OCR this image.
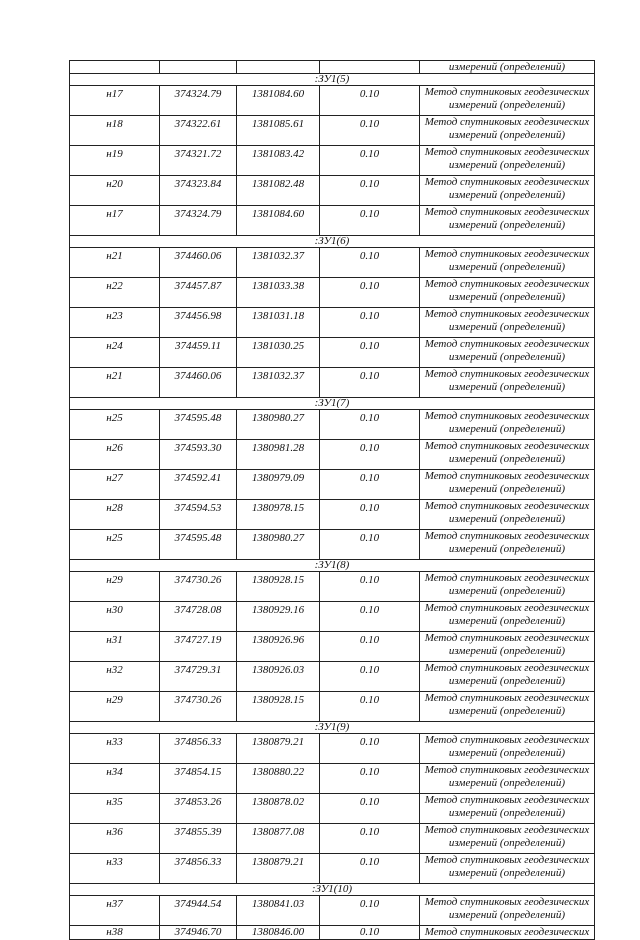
				измерений (определений)
:ЗУ1(5)				
н17	374324.79	1381084.60	0.10	Метод спутниковых геодезических измерений (определений)
н18	374322.61	1381085.61	0.10	Метод спутниковых геодезических измерений (определений)
н19	374321.72	1381083.42	0.10	Метод спутниковых геодезических измерений (определений)
н20	374323.84	1381082.48	0.10	Метод спутниковых геодезических измерений (определений)
н17	374324.79	1381084.60	0.10	Метод спутниковых геодезических измерений (определений)
:ЗУ1(6)				
н21	374460.06	1381032.37	0.10	Метод спутниковых геодезических измерений (определений)
н22	374457.87	1381033.38	0.10	Метод спутниковых геодезических измерений (определений)
н23	374456.98	1381031.18	0.10	Метод спутниковых геодезических измерений (определений)
н24	374459.11	1381030.25	0.10	Метод спутниковых геодезических измерений (определений)
н21	374460.06	1381032.37	0.10	Метод спутниковых геодезических измерений (определений)
:ЗУ1(7)				
н25	374595.48	1380980.27	0.10	Метод спутниковых геодезических измерений (определений)
н26	374593.30	1380981.28	0.10	Метод спутниковых геодезических измерений (определений)
н27	374592.41	1380979.09	0.10	Метод спутниковых геодезических измерений (определений)
н28	374594.53	1380978.15	0.10	Метод спутниковых геодезических измерений (определений)
н25	374595.48	1380980.27	0.10	Метод спутниковых геодезических измерений (определений)
:ЗУ1(8)				
н29	374730.26	1380928.15	0.10	Метод спутниковых геодезических измерений (определений)
н30	374728.08	1380929.16	0.10	Метод спутниковых геодезических измерений (определений)
н31	374727.19	1380926.96	0.10	Метод спутниковых геодезических измерений (определений)
н32	374729.31	1380926.03	0.10	Метод спутниковых геодезических измерений (определений)
н29	374730.26	1380928.15	0.10	Метод спутниковых геодезических измерений (определений)
:ЗУ1(9)				
н33	374856.33	1380879.21	0.10	Метод спутниковых геодезических измерений (определений)
н34	374854.15	1380880.22	0.10	Метод спутниковых геодезических измерений (определений)
н35	374853.26	1380878.02	0.10	Метод спутниковых геодезических измерений (определений)
н36	374855.39	1380877.08	0.10	Метод спутниковых геодезических измерений (определений)
н33	374856.33	1380879.21	0.10	Метод спутниковых геодезических измерений (определений)
:ЗУ1(10)				
н37	374944.54	1380841.03	0.10	Метод спутниковых геодезических измерений (определений)
н38	374946.70	1380846.00	0.10	Метод спутниковых геодезических
